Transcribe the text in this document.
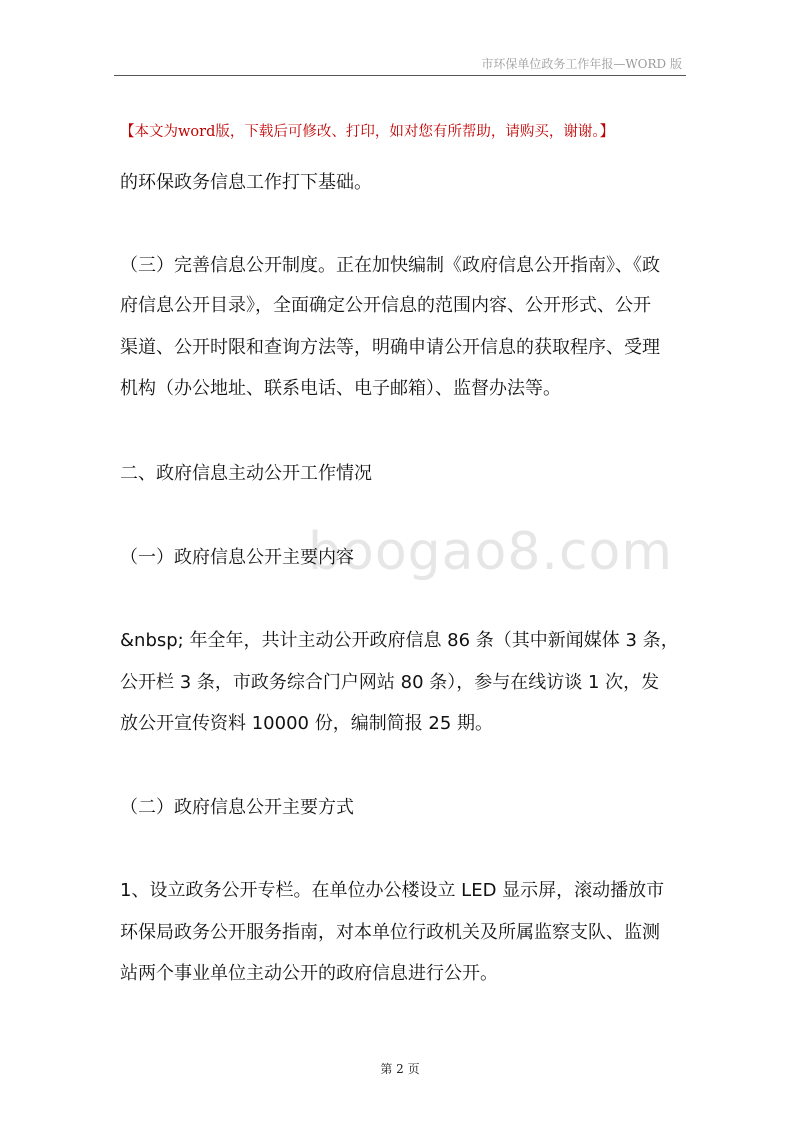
市环保单位政务工作年报—WORD 版
【本文为word版，下载后可修改、打印，如对您有所帮助，请购买，谢谢。】
boogao8.com
的环保政务信息工作打下基础。
（三）完善信息公开制度。正在加快编制《政府信息公开指南》、《政
府信息公开目录》，全面确定公开信息的范围内容、公开形式、公开
渠道、公开时限和查询方法等，明确申请公开信息的获取程序、受理
机构（办公地址、联系电话、电子邮箱）、监督办法等。
二、政府信息主动公开工作情况
（一）政府信息公开主要内容
&nbsp; 年全年，共计主动公开政府信息 86 条（其中新闻媒体 3 条，
公开栏 3 条，市政务综合门户网站 80 条），参与在线访谈 1 次，发
放公开宣传资料 10000 份，编制简报 25 期。
（二）政府信息公开主要方式
1、设立政务公开专栏。在单位办公楼设立 LED 显示屏，滚动播放市
环保局政务公开服务指南，对本单位行政机关及所属监察支队、监测
站两个事业单位主动公开的政府信息进行公开。
第 2 页
